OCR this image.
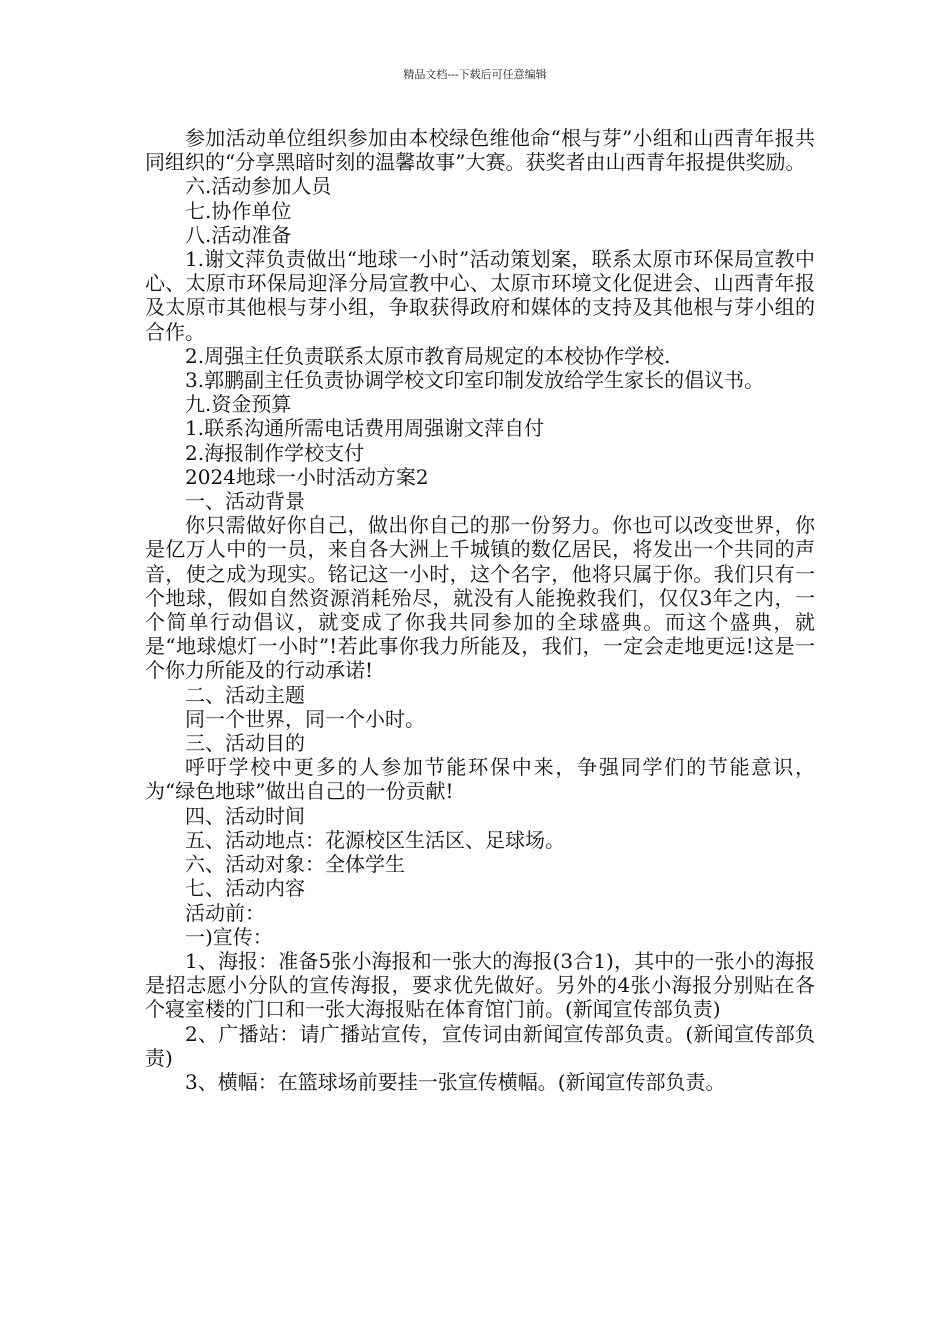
精品文档---下载后可任意编辑

参加活动单位组织参加由本校绿色维他命“根与芽”小组和山西青年报共同组织的“分享黑暗时刻的温馨故事”大赛。获奖者由山西青年报提供奖励。

六.活动参加人员

七.协作单位

八.活动准备

1.谢文萍负责做出“地球一小时”活动策划案，联系太原市环保局宣教中心、太原市环保局迎泽分局宣教中心、太原市环境文化促进会、山西青年报及太原市其他根与芽小组，争取获得政府和媒体的支持及其他根与芽小组的合作。

2.周强主任负责联系太原市教育局规定的本校协作学校.

3.郭鹏副主任负责协调学校文印室印制发放给学生家长的倡议书。

九.资金预算

1.联系沟通所需电话费用周强谢文萍自付

2.海报制作学校支付

2024地球一小时活动方案2

一、活动背景

你只需做好你自己，做出你自己的那一份努力。你也可以改变世界，你是亿万人中的一员，来自各大洲上千城镇的数亿居民，将发出一个共同的声音，使之成为现实。铭记这一小时，这个名字，他将只属于你。我们只有一个地球，假如自然资源消耗殆尽，就没有人能挽救我们，仅仅3年之内，一个简单行动倡议，就变成了你我共同参加的全球盛典。而这个盛典，就是“地球熄灯一小时”!若此事你我力所能及，我们，一定会走地更远!这是一个你力所能及的行动承诺!

二、活动主题

同一个世界，同一个小时。

三、活动目的

呼吁学校中更多的人参加节能环保中来，争强同学们的节能意识，为“绿色地球”做出自己的一份贡献!

四、活动时间

五、活动地点：花源校区生活区、足球场。

六、活动对象：全体学生

七、活动内容

活动前：

一)宣传：

1、海报：准备5张小海报和一张大的海报(3合1)，其中的一张小的海报是招志愿小分队的宣传海报，要求优先做好。另外的4张小海报分别贴在各个寝室楼的门口和一张大海报贴在体育馆门前。(新闻宣传部负责)

2、广播站：请广播站宣传，宣传词由新闻宣传部负责。(新闻宣传部负责)

3、横幅：在篮球场前要挂一张宣传横幅。(新闻宣传部负责。
